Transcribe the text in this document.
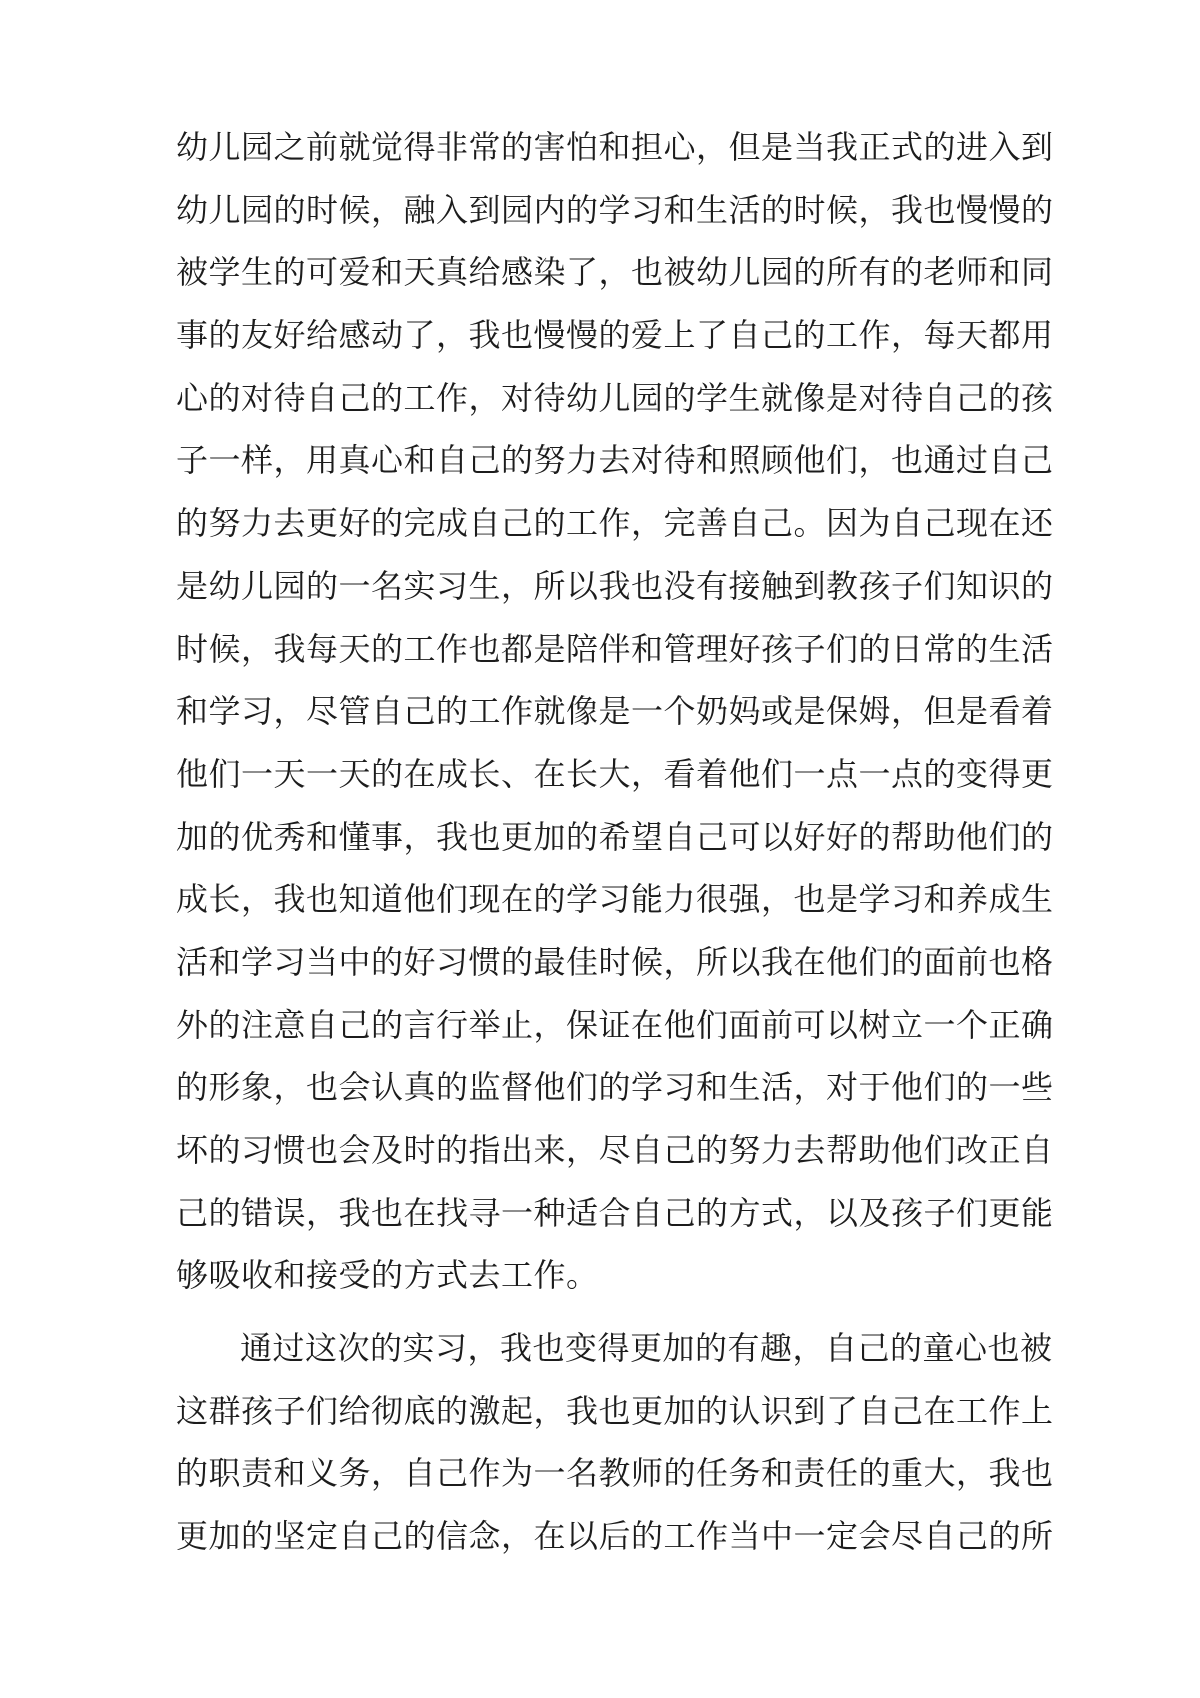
幼儿园之前就觉得非常的害怕和担心，但是当我正式的进入到
幼儿园的时候，融入到园内的学习和生活的时候，我也慢慢的
被学生的可爱和天真给感染了，也被幼儿园的所有的老师和同
事的友好给感动了，我也慢慢的爱上了自己的工作，每天都用
心的对待自己的工作，对待幼儿园的学生就像是对待自己的孩
子一样，用真心和自己的努力去对待和照顾他们，也通过自己
的努力去更好的完成自己的工作，完善自己。因为自己现在还
是幼儿园的一名实习生，所以我也没有接触到教孩子们知识的
时候，我每天的工作也都是陪伴和管理好孩子们的日常的生活
和学习，尽管自己的工作就像是一个奶妈或是保姆，但是看着
他们一天一天的在成长、在长大，看着他们一点一点的变得更
加的优秀和懂事，我也更加的希望自己可以好好的帮助他们的
成长，我也知道他们现在的学习能力很强，也是学习和养成生
活和学习当中的好习惯的最佳时候，所以我在他们的面前也格
外的注意自己的言行举止，保证在他们面前可以树立一个正确
的形象，也会认真的监督他们的学习和生活，对于他们的一些
坏的习惯也会及时的指出来，尽自己的努力去帮助他们改正自
己的错误，我也在找寻一种适合自己的方式，以及孩子们更能
够吸收和接受的方式去工作。
通过这次的实习，我也变得更加的有趣，自己的童心也被
这群孩子们给彻底的激起，我也更加的认识到了自己在工作上
的职责和义务，自己作为一名教师的任务和责任的重大，我也
更加的坚定自己的信念，在以后的工作当中一定会尽自己的所
